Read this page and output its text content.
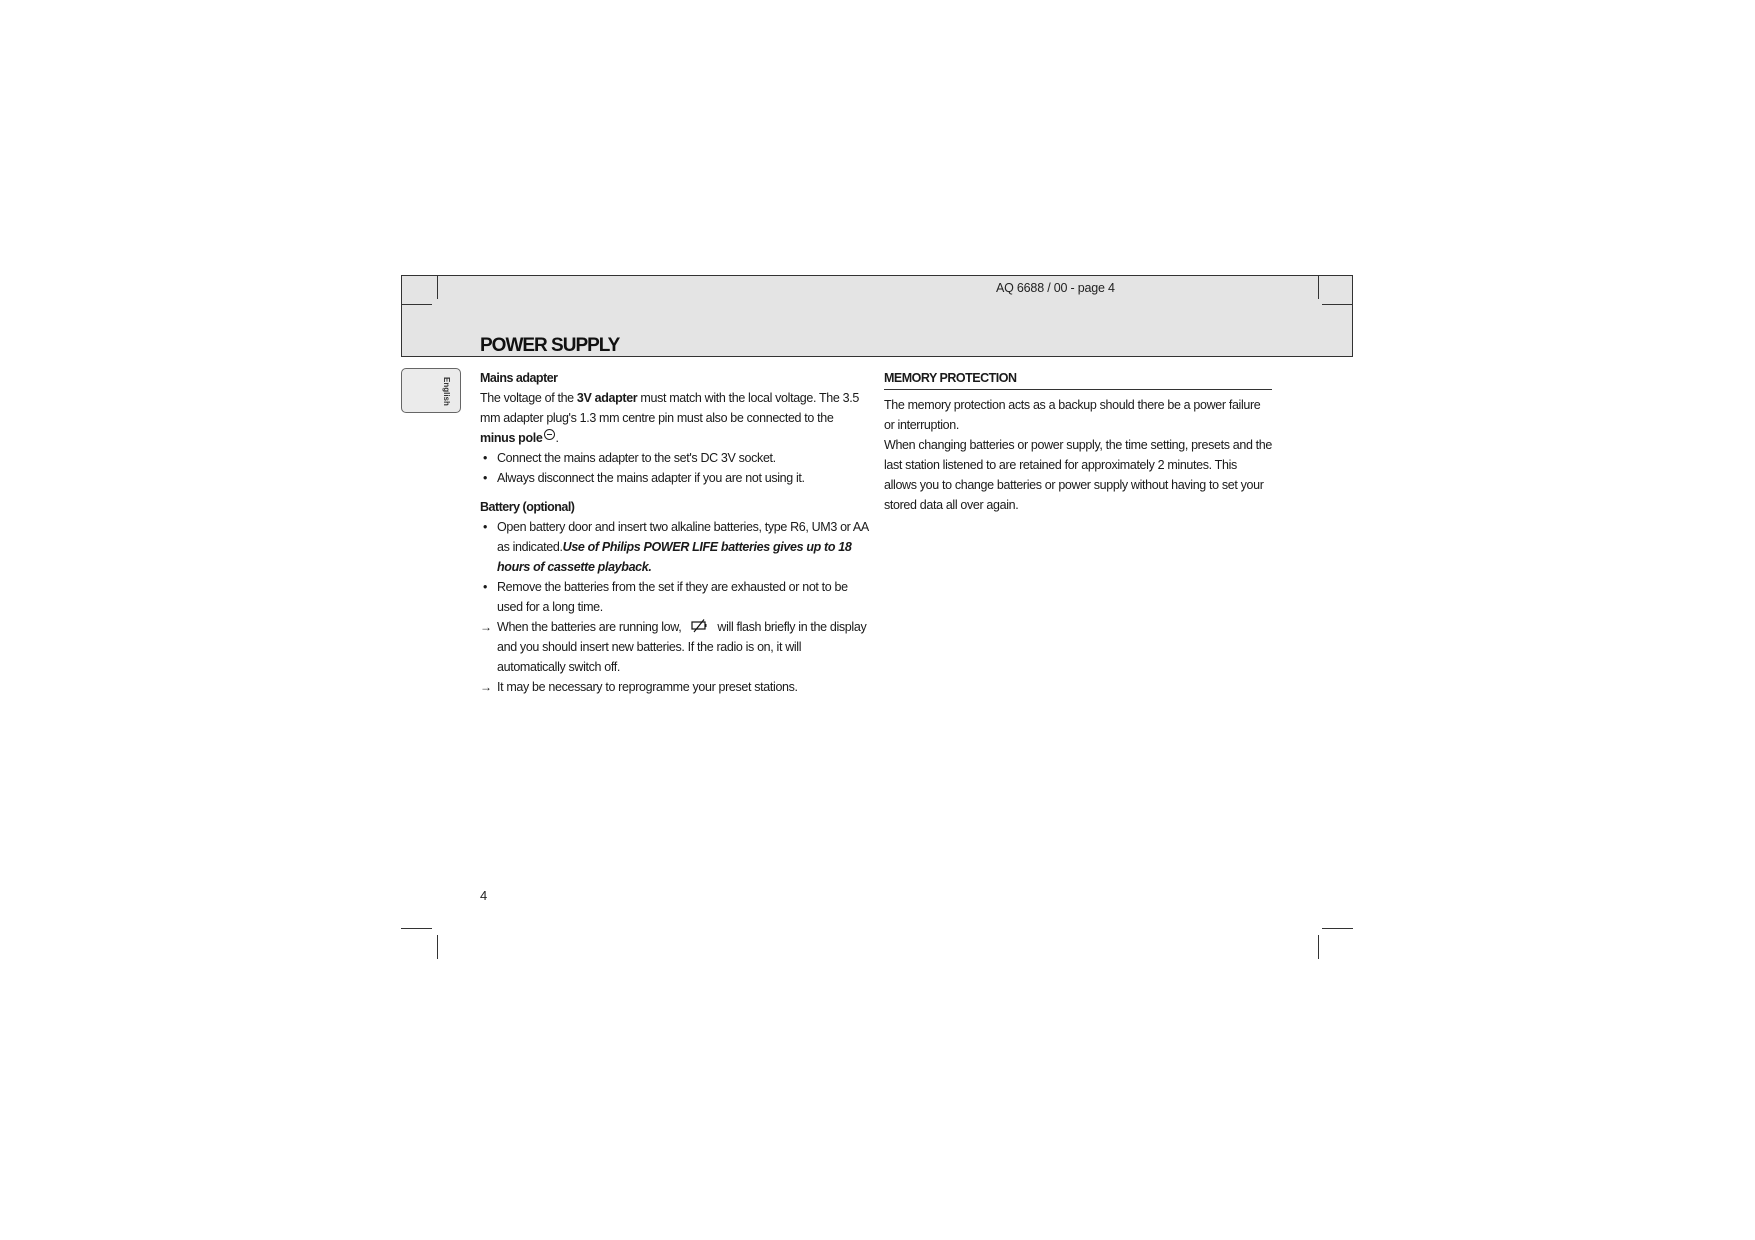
AQ 6688 / 00 - page 4
POWER SUPPLY
English Mains adapter

The voltage of the 3V adapter must match with the local voltage. The 3.5 mm adapter plug's 1.3 mm centre pin must also be connected to the minus pole .

• Connect the mains adapter to the set's DC 3V socket.

• Always disconnect the mains adapter if you are not using it.

Battery (optional)

• Open battery door and insert two alkaline batteries, type R6, UM3 or AA as indicated.Use of Philips POWER LIFE batteries gives up to 18 hours of cassette playback.

• Remove the batteries from the set if they are exhausted or not to be used for a long time.

→ When the batteries are running low,	will flash briefly in the display and you should insert new batteries. If the radio is on, it will automatically switch off.

→ It may be necessary to reprogramme your preset stations.

MEMORY PROTECTION

The memory protection acts as a backup should there be a power failure or interruption.

When changing batteries or power supply, the time setting, presets and the last station listened to are retained for approximately 2 minutes. This allows you to change batteries or power supply without having to set your stored data all over again.

4
